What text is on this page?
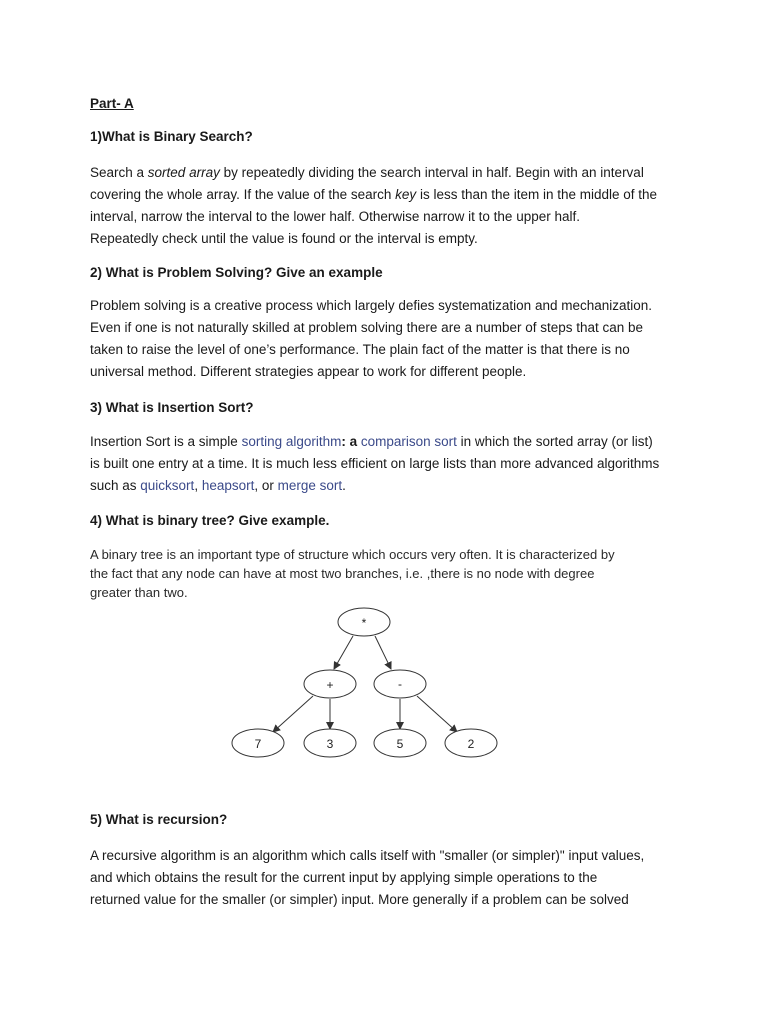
Part- A

1)What is Binary Search?

Search a sorted array by repeatedly dividing the search interval in half. Begin with an interval
covering the whole array. If the value of the search key is less than the item in the middle of the
interval, narrow the interval to the lower half. Otherwise narrow it to the upper half.
Repeatedly check until the value is found or the interval is empty.

2) What is Problem Solving? Give an example

Problem solving is a creative process which largely defies systematization and mechanization.
Even if one is not naturally skilled at problem solving there are a number of steps that can be
taken to raise the level of one’s performance. The plain fact of the matter is that there is no
universal method. Different strategies appear to work for different people.

3) What is Insertion Sort?

Insertion Sort is a simple sorting algorithm: a comparison sort in which the sorted array (or list)
is built one entry at a time. It is much less efficient on large lists than more advanced algorithms
such as quicksort, heapsort, or merge sort.

4) What is binary tree? Give example.

A binary tree is an important type of structure which occurs very often. It is characterized by
the fact that any node can have at most two branches, i.e. ,there is no node with degree
greater than two.
*
+	-
7	3	5	2

5) What is recursion?

A recursive algorithm is an algorithm which calls itself with "smaller (or simpler)" input values,
and which obtains the result for the current input by applying simple operations to the
returned value for the smaller (or simpler) input. More generally if a problem can be solved
